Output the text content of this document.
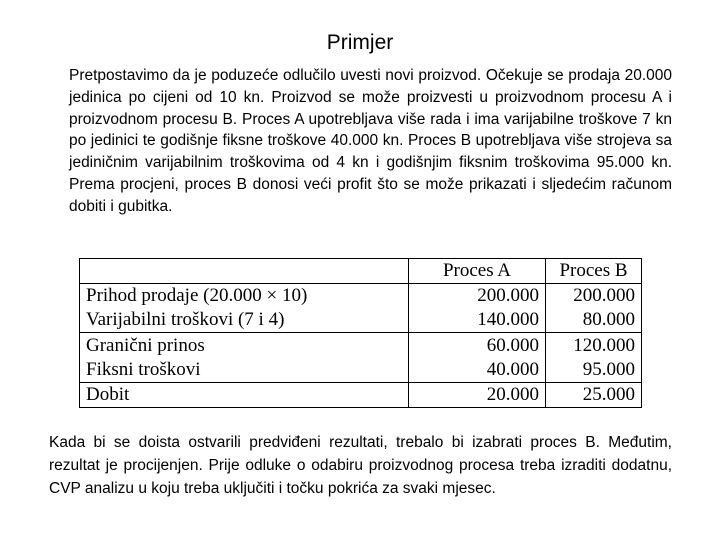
Primjer
Pretpostavimo da je poduzeće odlučilo uvesti novi proizvod. Očekuje se prodaja 20.000 jedinica po cijeni od 10 kn. Proizvod se može proizvesti u proizvodnom procesu A i proizvodnom procesu B. Proces A upotrebljava više rada i ima varijabilne troškove 7 kn po jedinici te godišnje fiksne troškove 40.000 kn. Proces B upotrebljava više strojeva sa jediničnim varijabilnim troškovima od 4 kn i godišnjim fiksnim troškovima 95.000 kn. Prema procjeni, proces B donosi veći profit što se može prikazati i sljedećim računom dobiti i gubitka.
	Proces A	Proces B
Prihod prodaje (20.000 × 10)	200.000	200.000
Varijabilni troškovi (7 i 4)	140.000	80.000
Granični prinos	60.000	120.000
Fiksni troškovi	40.000	95.000
Dobit	20.000	25.000
Kada bi se doista ostvarili predviđeni rezultati, trebalo bi izabrati proces B. Međutim, rezultat je procijenjen. Prije odluke o odabiru proizvodnog procesa treba izraditi dodatnu, CVP analizu u koju treba uključiti i točku pokrića za svaki mjesec.
